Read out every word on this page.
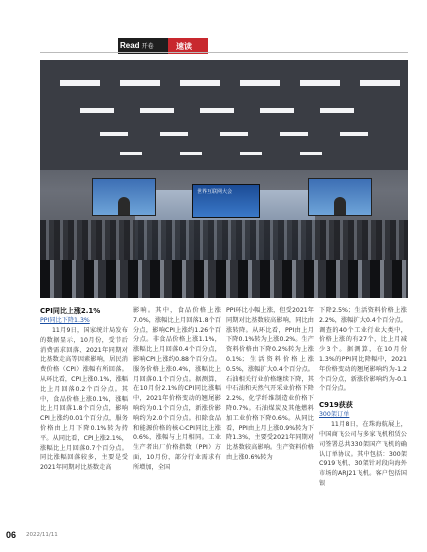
Read 开卷	速读
世界互联网大会
CPI同比上涨2.1%
PPI同比下降1.3%

11月9日，国家统计局发布的数据显示，10月份，受节后消费需求回落、2021年同期对比基数走高等因素影响，居民消费价格（CPI）涨幅有所回落。从环比看，CPI上涨0.1%，涨幅比上月回落0.2个百分点。其中，食品价格上涨0.1%，涨幅比上月回落1.8个百分点，影响CPI上涨约0.01个百分点，服务价格由上月下降0.1%转为持平。从同比看，CPI上涨2.1%，涨幅比上月回落0.7个百分点。同比涨幅回落较多，主要是受2021年同期对比基数走高

影响。其中，食品价格上涨7.0%，涨幅比上月回落1.8个百分点，影响CPI上涨约1.26个百分点。非食品价格上涨1.1%，涨幅比上月回落0.4个百分点，影响CPI上涨约0.88个百分点。服务价格上涨0.4%，涨幅比上月回落0.1个百分点。据测算，在10月份2.1%的CPI同比涨幅中，2021年价格变动的翘尾影响约为0.1个百分点，新涨价影响约为2.0个百分点。扣除食品和能源价格的核心CPI同比上涨0.6%，涨幅与上月相同。工业生产者出厂价格指数（PPI）方面，10月份，部分行业需求有所增加，全国

PPI环比小幅上涨，但受2021年同期对比基数较高影响，同比由涨转降。从环比看，PPI由上月下降0.1%转为上涨0.2%。生产资料价格由下降0.2%转为上涨0.1%；生活资料价格上涨0.5%，涨幅扩大0.4个百分点。石油相关行业价格继续下降，其中石油和天然气开采业价格下降2.2%，化学纤维制造业价格下降0.7%。石油煤炭及其他燃料加工业价格下降0.6%。从同比看，PPI由上月上涨0.9%转为下降1.3%，主要受2021年同期对比基数较高影响。生产资料价格由上涨0.6%转为

下降2.5%；生活资料价格上涨2.2%，涨幅扩大0.4个百分点。调查的40个工业行业大类中，价格上涨的有27个，比上月减少3个。据测算，在10月份1.3%的PPI同比降幅中，2021年价格变动的翘尾影响约为-1.2个百分点，新涨价影响约为-0.1个百分点。

C919获获
300架订单

11月8日，在珠海航展上，中国商飞公司与多家飞机租赁公司签署总共330架国产飞机的确认订单协议。其中包括：300架C919飞机、30架针对段向海外市场的ARJ21飞机。客户包括国银

06 2022/11/11
